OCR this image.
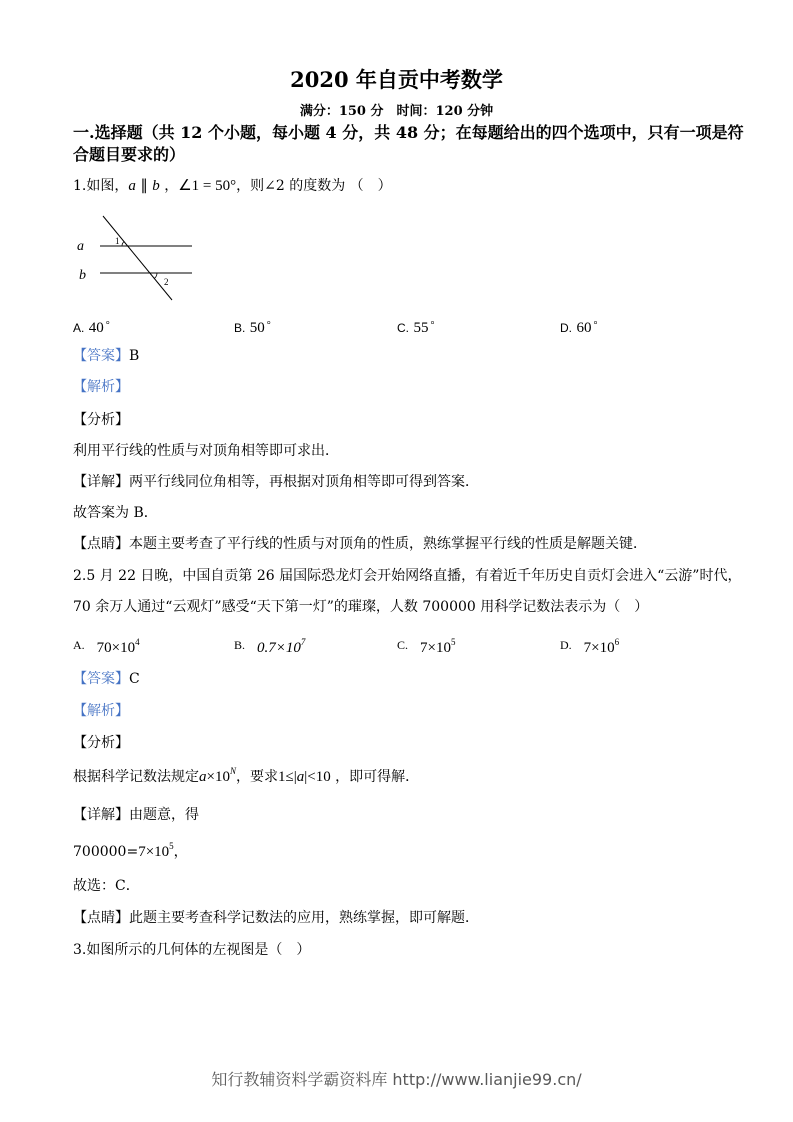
2020 年自贡中考数学
满分：150 分　时间：120 分钟
一.选择题（共 12 个小题，每小题 4 分，共 48 分；在每题给出的四个选项中，只有一项是符
合题目要求的）
1.如图，a ∥ b ，∠1 = 50°，则∠2 的度数为 （　）
a
b
1
2
A. 40 °	B. 50 °	C. 55 °	D. 60 °
【答案】B
【解析】
【分析】
利用平行线的性质与对顶角相等即可求出．
【详解】两平行线同位角相等，再根据对顶角相等即可得到答案．
故答案为 B．
【点睛】本题主要考查了平行线的性质与对顶角的性质，熟练掌握平行线的性质是解题关键．
2.5 月 22 日晚，中国自贡第 26 届国际恐龙灯会开始网络直播，有着近千年历史自贡灯会进入“云游”时代，
70 余万人通过“云观灯”感受“天下第一灯”的璀璨，人数 700000 用科学记数法表示为（　）
A. $70\times 10^4$	B. $0.7\times 10^7$	C. $7\times 10^5$	D. $7\times 10^6$
【答案】C
【解析】
【分析】
根据科学记数法规定$a\times 10^N$，要求1≤|a|<10 ，即可得解．
【详解】由题意，得
$700000=7\times 10^5$，
故选：C．
【点睛】此题主要考查科学记数法的应用，熟练掌握，即可解题．
3.如图所示的几何体的左视图是（　）
知行教辅资料学霸资料库 http://www.lianjie99.cn/
